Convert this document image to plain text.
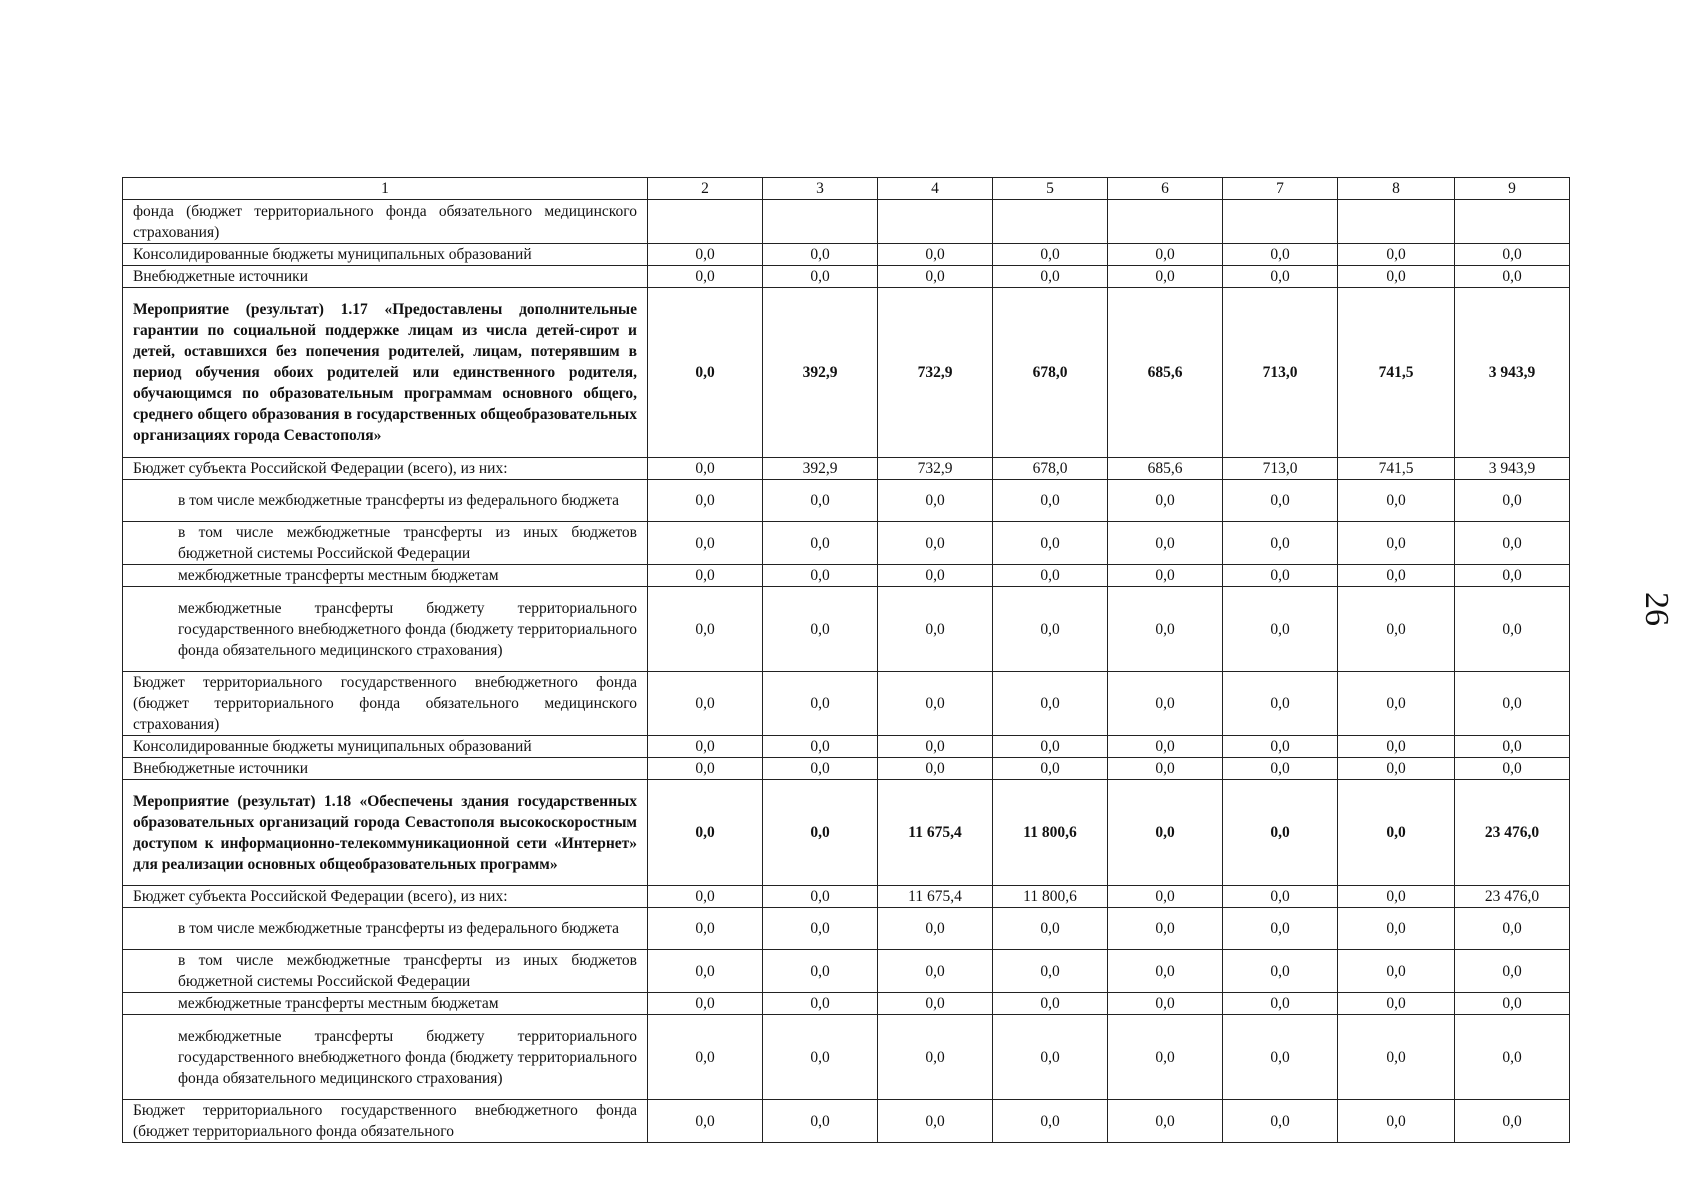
1	2	3	4	5	6	7	8	9
фонда (бюджет территориального фонда обязательного медицинского страхования)								
Консолидированные бюджеты муниципальных образований	0,0	0,0	0,0	0,0	0,0	0,0	0,0	0,0
Внебюджетные источники	0,0	0,0	0,0	0,0	0,0	0,0	0,0	0,0
Мероприятие (результат) 1.17 «Предоставлены дополнительные гарантии по социальной поддержке лицам из числа детей-сирот и детей, оставшихся без попечения родителей, лицам, потерявшим в период обучения обоих родителей или единственного родителя, обучающимся по образовательным программам основного общего, среднего общего образования в государственных общеобразовательных организациях города Севастополя»	0,0	392,9	732,9	678,0	685,6	713,0	741,5	3 943,9
Бюджет субъекта Российской Федерации (всего), из них:	0,0	392,9	732,9	678,0	685,6	713,0	741,5	3 943,9
в том числе межбюджетные трансферты из федерального бюджета	0,0	0,0	0,0	0,0	0,0	0,0	0,0	0,0
в том числе межбюджетные трансферты из иных бюджетов бюджетной системы Российской Федерации	0,0	0,0	0,0	0,0	0,0	0,0	0,0	0,0
межбюджетные трансферты местным бюджетам	0,0	0,0	0,0	0,0	0,0	0,0	0,0	0,0
межбюджетные трансферты бюджету территориального государственного внебюджетного фонда (бюджету территориального фонда обязательного медицинского страхования)	0,0	0,0	0,0	0,0	0,0	0,0	0,0	0,0
Бюджет территориального государственного внебюджетного фонда (бюджет территориального фонда обязательного медицинского страхования)	0,0	0,0	0,0	0,0	0,0	0,0	0,0	0,0
Консолидированные бюджеты муниципальных образований	0,0	0,0	0,0	0,0	0,0	0,0	0,0	0,0
Внебюджетные источники	0,0	0,0	0,0	0,0	0,0	0,0	0,0	0,0
Мероприятие (результат) 1.18 «Обеспечены здания государственных образовательных организаций города Севастополя высокоскоростным доступом к информационно-телекоммуникационной сети «Интернет» для реализации основных общеобразовательных программ»	0,0	0,0	11 675,4	11 800,6	0,0	0,0	0,0	23 476,0
Бюджет субъекта Российской Федерации (всего), из них:	0,0	0,0	11 675,4	11 800,6	0,0	0,0	0,0	23 476,0
в том числе межбюджетные трансферты из федерального бюджета	0,0	0,0	0,0	0,0	0,0	0,0	0,0	0,0
в том числе межбюджетные трансферты из иных бюджетов бюджетной системы Российской Федерации	0,0	0,0	0,0	0,0	0,0	0,0	0,0	0,0
межбюджетные трансферты местным бюджетам	0,0	0,0	0,0	0,0	0,0	0,0	0,0	0,0
межбюджетные трансферты бюджету территориального государственного внебюджетного фонда (бюджету территориального фонда обязательного медицинского страхования)	0,0	0,0	0,0	0,0	0,0	0,0	0,0	0,0
Бюджет территориального государственного внебюджетного фонда (бюджет территориального фонда обязательного	0,0	0,0	0,0	0,0	0,0	0,0	0,0	0,0
26
